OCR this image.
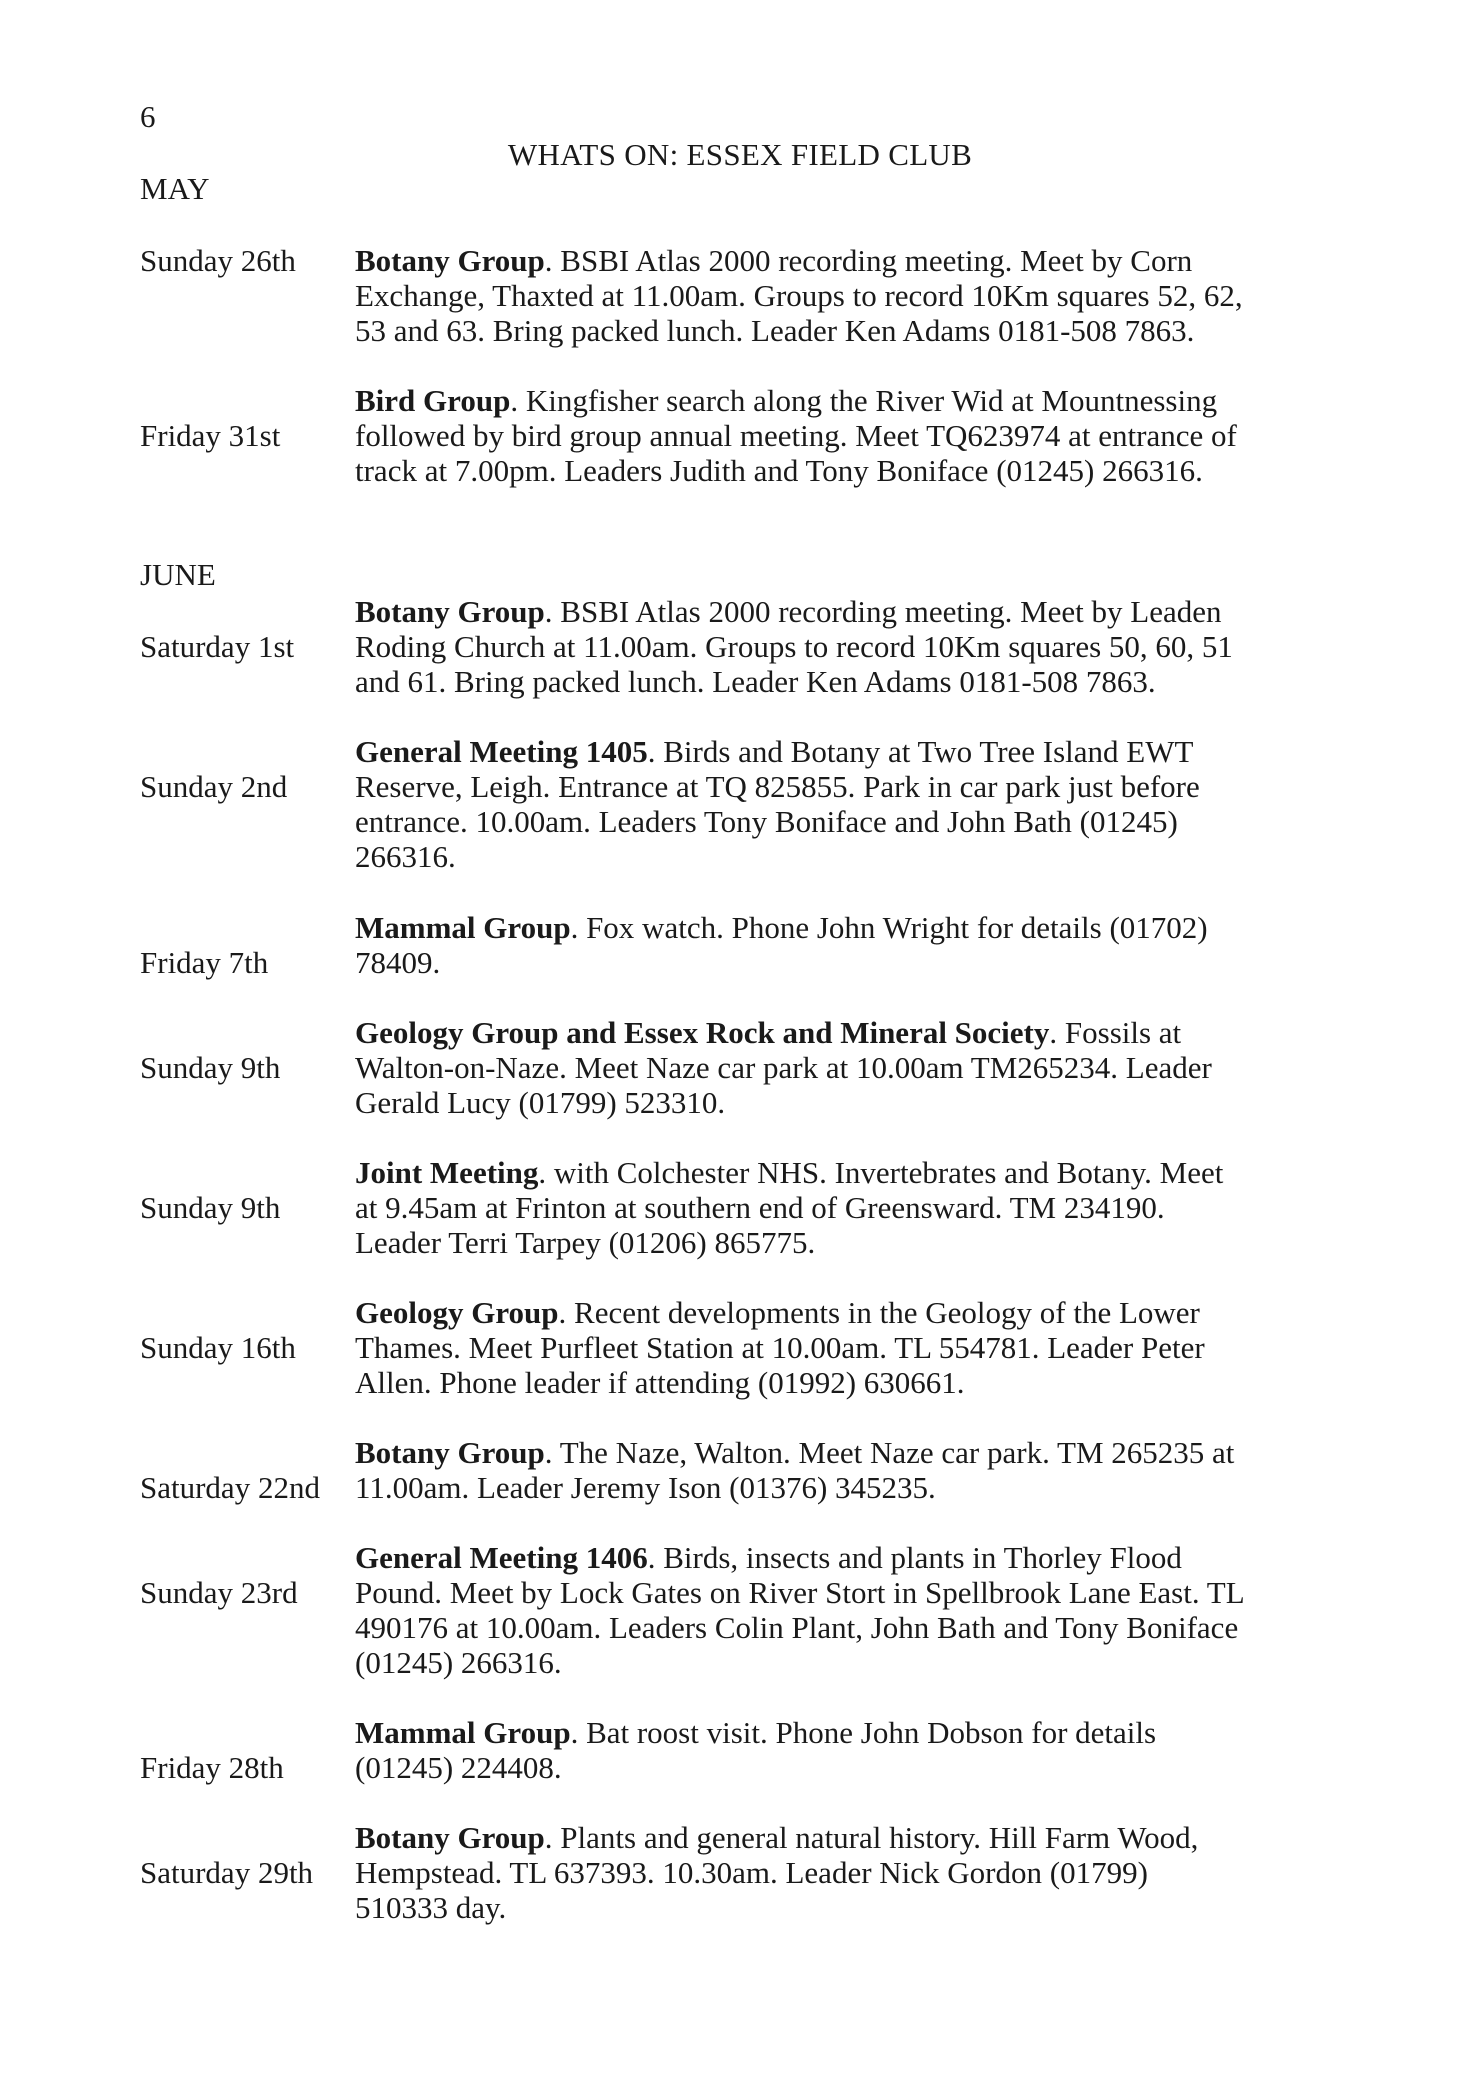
6
WHATS ON: ESSEX FIELD CLUB
MAY
Sunday 26th Botany Group. BSBI Atlas 2000 recording meeting. Meet by Corn
Exchange, Thaxted at 11.00am. Groups to record 10Km squares 52, 62,
53 and 63. Bring packed lunch. Leader Ken Adams 0181-508 7863.
Friday 31st
Bird Group. Kingfisher search along the River Wid at Mountnessing
followed by bird group annual meeting. Meet TQ623974 at entrance of
track at 7.00pm. Leaders Judith and Tony Boniface (01245) 266316.
JUNE
Saturday 1st
Botany Group. BSBI Atlas 2000 recording meeting. Meet by Leaden
Roding Church at 11.00am. Groups to record 10Km squares 50, 60, 51
and 61. Bring packed lunch. Leader Ken Adams 0181-508 7863.
Sunday 2nd
General Meeting 1405. Birds and Botany at Two Tree Island EWT
Reserve, Leigh. Entrance at TQ 825855. Park in car park just before
entrance. 10.00am. Leaders Tony Boniface and John Bath (01245)
266316.
Friday 7th
Mammal Group. Fox watch. Phone John Wright for details (01702)
78409.
Sunday 9th
Geology Group and Essex Rock and Mineral Society. Fossils at
Walton-on-Naze. Meet Naze car park at 10.00am TM265234. Leader
Gerald Lucy (01799) 523310.
Sunday 9th
Joint Meeting. with Colchester NHS. Invertebrates and Botany. Meet
at 9.45am at Frinton at southern end of Greensward. TM 234190.
Leader Terri Tarpey (01206) 865775.
Sunday 16th
Geology Group. Recent developments in the Geology of the Lower
Thames. Meet Purfleet Station at 10.00am. TL 554781. Leader Peter
Allen. Phone leader if attending (01992) 630661.
Saturday 22nd
Botany Group. The Naze, Walton. Meet Naze car park. TM 265235 at
11.00am. Leader Jeremy Ison (01376) 345235.
Sunday 23rd
General Meeting 1406. Birds, insects and plants in Thorley Flood
Pound. Meet by Lock Gates on River Stort in Spellbrook Lane East. TL
490176 at 10.00am. Leaders Colin Plant, John Bath and Tony Boniface
(01245) 266316.
Friday 28th
Mammal Group. Bat roost visit. Phone John Dobson for details
(01245) 224408.
Saturday 29th
Botany Group. Plants and general natural history. Hill Farm Wood,
Hempstead. TL 637393. 10.30am. Leader Nick Gordon (01799)
510333 day.
